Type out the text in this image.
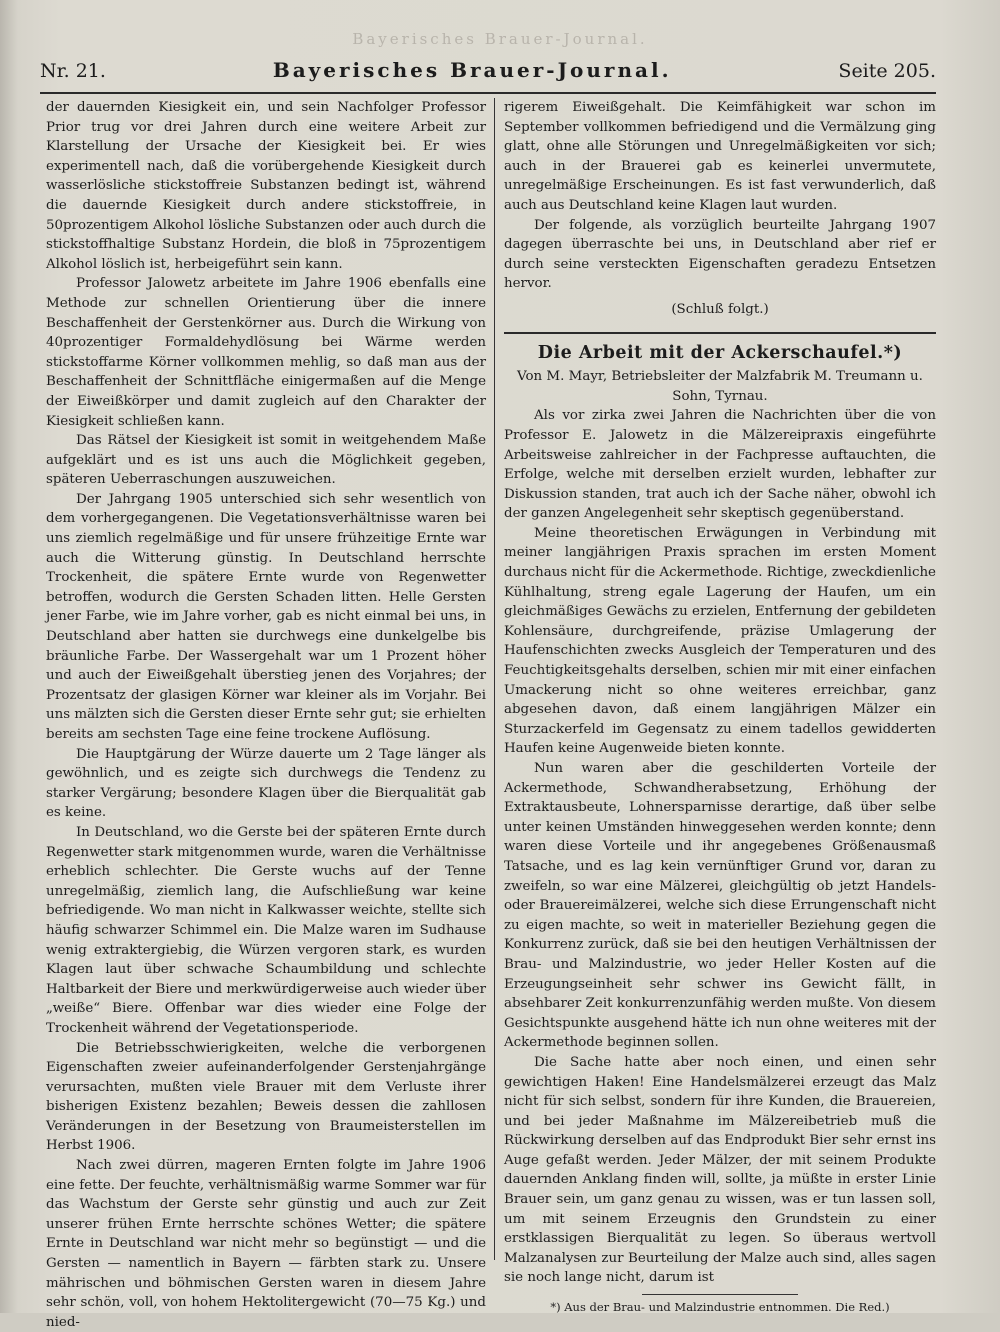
Bayerisches Brauer-Journal.
Nr. 21.	Bayerisches Brauer-Journal.	Seite 205.

der dauernden Kiesigkeit ein, und sein Nachfolger Professor Prior trug vor drei Jahren durch eine weitere Arbeit zur Klarstellung der Ursache der Kiesigkeit bei. Er wies experimentell nach, daß die vorübergehende Kiesigkeit durch wasserlösliche stickstoffreie Substanzen bedingt ist, während die dauernde Kiesigkeit durch andere stickstoffreie, in 50prozentigem Alkohol lösliche Substanzen oder auch durch die stickstoffhaltige Substanz Hordein, die bloß in 75prozentigem Alkohol löslich ist, herbeigeführt sein kann.

Professor Jalowetz arbeitete im Jahre 1906 ebenfalls eine Methode zur schnellen Orientierung über die innere Beschaffenheit der Gerstenkörner aus. Durch die Wirkung von 40prozentiger Formaldehydlösung bei Wärme werden stickstoffarme Körner vollkommen mehlig, so daß man aus der Beschaffenheit der Schnittfläche einigermaßen auf die Menge der Eiweißkörper und damit zugleich auf den Charakter der Kiesigkeit schließen kann.

Das Rätsel der Kiesigkeit ist somit in weitgehendem Maße aufgeklärt und es ist uns auch die Möglichkeit gegeben, späteren Ueberraschungen auszuweichen.

Der Jahrgang 1905 unterschied sich sehr wesentlich von dem vorhergegangenen. Die Vegetationsverhältnisse waren bei uns ziemlich regelmäßige und für unsere frühzeitige Ernte war auch die Witterung günstig. In Deutschland herrschte Trockenheit, die spätere Ernte wurde von Regenwetter betroffen, wodurch die Gersten Schaden litten. Helle Gersten jener Farbe, wie im Jahre vorher, gab es nicht einmal bei uns, in Deutschland aber hatten sie durchwegs eine dunkelgelbe bis bräunliche Farbe. Der Wassergehalt war um 1 Prozent höher und auch der Eiweißgehalt überstieg jenen des Vorjahres; der Prozentsatz der glasigen Körner war kleiner als im Vorjahr. Bei uns mälzten sich die Gersten dieser Ernte sehr gut; sie erhielten bereits am sechsten Tage eine feine trockene Auflösung.

Die Hauptgärung der Würze dauerte um 2 Tage länger als gewöhnlich, und es zeigte sich durchwegs die Tendenz zu starker Vergärung; besondere Klagen über die Bierqualität gab es keine.

In Deutschland, wo die Gerste bei der späteren Ernte durch Regenwetter stark mitgenommen wurde, waren die Verhältnisse erheblich schlechter. Die Gerste wuchs auf der Tenne unregelmäßig, ziemlich lang, die Aufschließung war keine befriedigende. Wo man nicht in Kalkwasser weichte, stellte sich häufig schwarzer Schimmel ein. Die Malze waren im Sudhause wenig extraktergiebig, die Würzen vergoren stark, es wurden Klagen laut über schwache Schaumbildung und schlechte Haltbarkeit der Biere und merkwürdigerweise auch wieder über „weiße“ Biere. Offenbar war dies wieder eine Folge der Trockenheit während der Vegetationsperiode.

Die Betriebsschwierigkeiten, welche die verborgenen Eigenschaften zweier aufeinanderfolgender Gerstenjahrgänge verursachten, mußten viele Brauer mit dem Verluste ihrer bisherigen Existenz bezahlen; Beweis dessen die zahllosen Veränderungen in der Besetzung von Braumeisterstellen im Herbst 1906.

Nach zwei dürren, mageren Ernten folgte im Jahre 1906 eine fette. Der feuchte, verhältnismäßig warme Sommer war für das Wachstum der Gerste sehr günstig und auch zur Zeit unserer frühen Ernte herrschte schönes Wetter; die spätere Ernte in Deutschland war nicht mehr so begünstigt — und die Gersten — namentlich in Bayern — färbten stark zu. Unsere mährischen und böhmischen Gersten waren in diesem Jahre sehr schön, voll, von hohem Hektolitergewicht (70—75 Kg.) und nied-

rigerem Eiweißgehalt. Die Keimfähigkeit war schon im September vollkommen befriedigend und die Vermälzung ging glatt, ohne alle Störungen und Unregelmäßigkeiten vor sich; auch in der Brauerei gab es keinerlei unvermutete, unregelmäßige Erscheinungen. Es ist fast verwunderlich, daß auch aus Deutschland keine Klagen laut wurden.

Der folgende, als vorzüglich beurteilte Jahrgang 1907 dagegen überraschte bei uns, in Deutschland aber rief er durch seine versteckten Eigenschaften geradezu Entsetzen hervor.

(Schluß folgt.)

Die Arbeit mit der Ackerschaufel.*)

Von M. Mayr, Betriebsleiter der Malzfabrik M. Treumann u. Sohn, Tyrnau.

Als vor zirka zwei Jahren die Nachrichten über die von Professor E. Jalowetz in die Mälzereipraxis eingeführte Arbeitsweise zahlreicher in der Fachpresse auftauchten, die Erfolge, welche mit derselben erzielt wurden, lebhafter zur Diskussion standen, trat auch ich der Sache näher, obwohl ich der ganzen Angelegenheit sehr skeptisch gegenüberstand.

Meine theoretischen Erwägungen in Verbindung mit meiner langjährigen Praxis sprachen im ersten Moment durchaus nicht für die Ackermethode. Richtige, zweckdienliche Kühlhaltung, streng egale Lagerung der Haufen, um ein gleichmäßiges Gewächs zu erzielen, Entfernung der gebildeten Kohlensäure, durchgreifende, präzise Umlagerung der Haufenschichten zwecks Ausgleich der Temperaturen und des Feuchtigkeitsgehalts derselben, schien mir mit einer einfachen Umackerung nicht so ohne weiteres erreichbar, ganz abgesehen davon, daß einem langjährigen Mälzer ein Sturzackerfeld im Gegensatz zu einem tadellos gewidderten Haufen keine Augenweide bieten konnte.

Nun waren aber die geschilderten Vorteile der Ackermethode, Schwandherabsetzung, Erhöhung der Extraktausbeute, Lohnersparnisse derartige, daß über selbe unter keinen Umständen hinweggesehen werden konnte; denn waren diese Vorteile und ihr angegebenes Größenausmaß Tatsache, und es lag kein vernünftiger Grund vor, daran zu zweifeln, so war eine Mälzerei, gleichgültig ob jetzt Handels- oder Brauereimälzerei, welche sich diese Errungenschaft nicht zu eigen machte, so weit in materieller Beziehung gegen die Konkurrenz zurück, daß sie bei den heutigen Verhältnissen der Brau- und Malzindustrie, wo jeder Heller Kosten auf die Erzeugungseinheit sehr schwer ins Gewicht fällt, in absehbarer Zeit konkurrenzunfähig werden mußte. Von diesem Gesichtspunkte ausgehend hätte ich nun ohne weiteres mit der Ackermethode beginnen sollen.

Die Sache hatte aber noch einen, und einen sehr gewichtigen Haken! Eine Handelsmälzerei erzeugt das Malz nicht für sich selbst, sondern für ihre Kunden, die Brauereien, und bei jeder Maßnahme im Mälzereibetrieb muß die Rückwirkung derselben auf das Endprodukt Bier sehr ernst ins Auge gefaßt werden. Jeder Mälzer, der mit seinem Produkte dauernden Anklang finden will, sollte, ja müßte in erster Linie Brauer sein, um ganz genau zu wissen, was er tun lassen soll, um mit seinem Erzeugnis den Grundstein zu einer erstklassigen Bierqualität zu legen. So überaus wertvoll Malzanalysen zur Beurteilung der Malze auch sind, alles sagen sie noch lange nicht, darum ist

*) Aus der Brau- und Malzindustrie entnommen. Die Red.)
